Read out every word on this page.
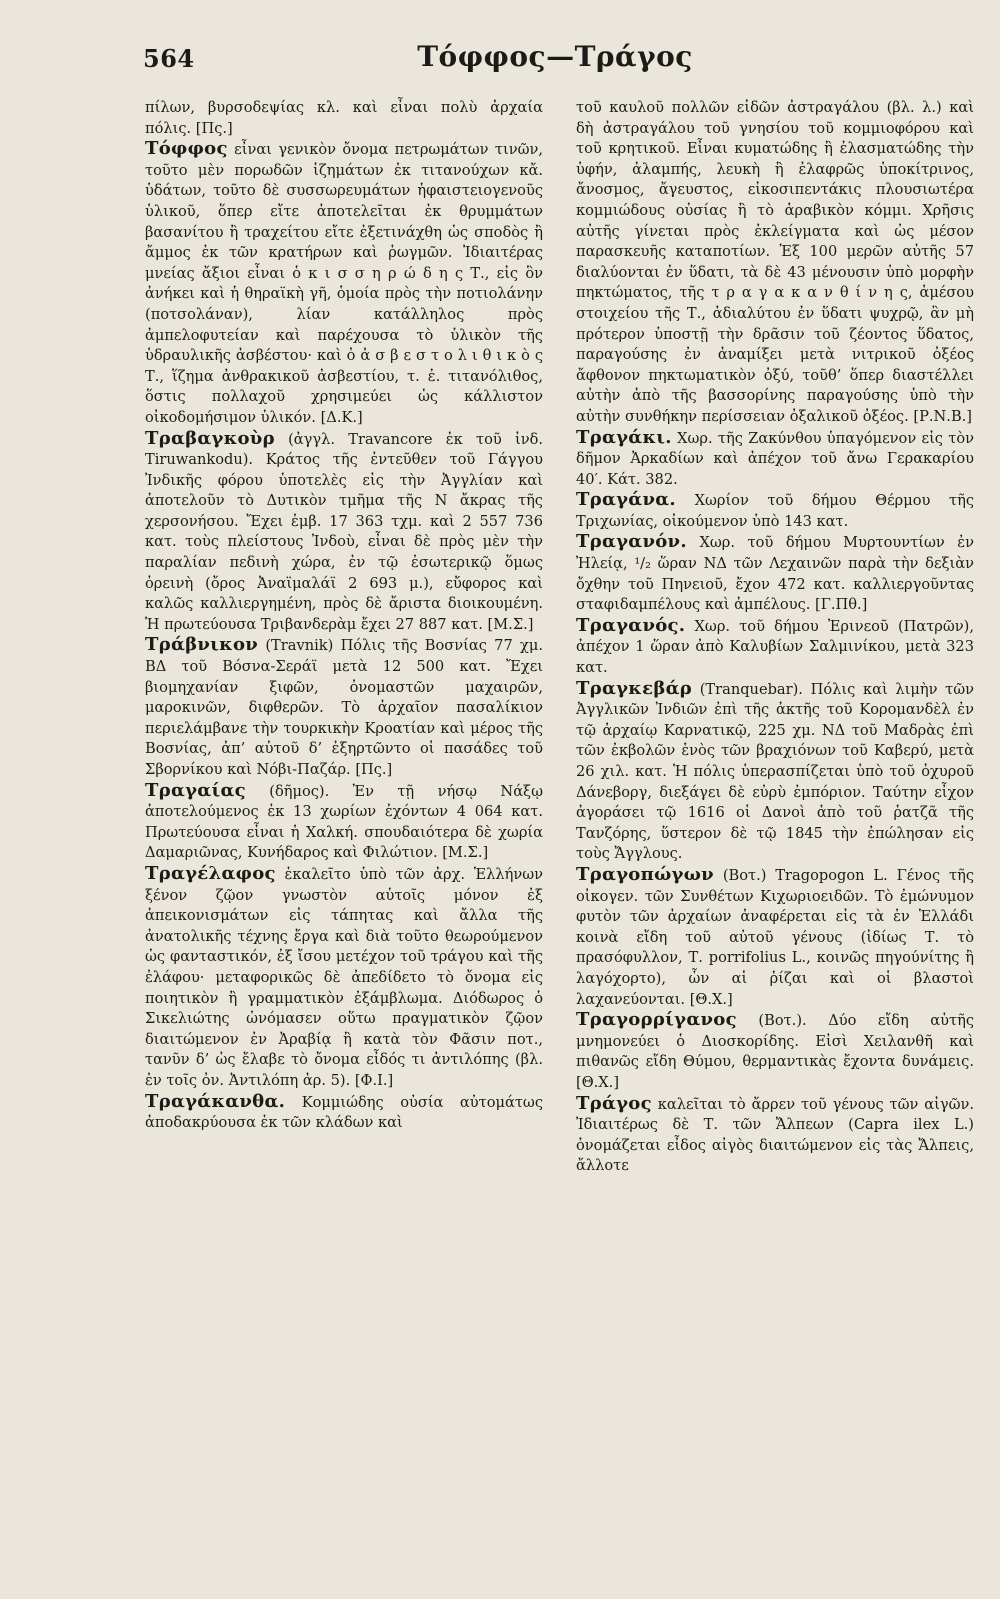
564	Τόφφος—Τράγος

πίλων, βυρσοδεψίας κλ. καὶ εἶναι πολὺ ἀρχαία πόλις. [Πς.]

Τόφφος εἶναι γενικὸν ὄνομα πετρωμάτων τινῶν, τοῦτο μὲν πορωδῶν ἱζημάτων ἐκ τιτανούχων κἄ. ὑδάτων, τοῦτο δὲ συσσωρευμάτων ἡφαιστειογενοῦς ὑλικοῦ, ὅπερ εἴτε ἀποτελεῖται ἐκ θρυμμάτων βασανίτου ἢ τραχείτου εἴτε ἐξετινάχθη ὡς σποδὸς ἢ ἄμμος ἐκ τῶν κρατήρων καὶ ῥωγμῶν. Ἰδιαιτέρας μνείας ἄξιοι εἶναι ὁ κ ι σ σ η ρ ώ δ η ς Τ., εἰς ὃν ἀνήκει καὶ ἡ θηραϊκὴ γῆ, ὁμοία πρὸς τὴν ποτιολάνην (ποτσολάναν), λίαν κατάλληλος πρὸς ἀμπελοφυτείαν καὶ παρέχουσα τὸ ὑλικὸν τῆς ὑδραυλικῆς ἀσβέστου· καὶ ὁ ἀ σ β ε σ τ ο λ ι θ ι κ ὸ ς Τ., ἵζημα ἀνθρακικοῦ ἀσβεστίου, τ. ἐ. τιτανόλιθος, ὅστις πολλαχοῦ χρησιμεύει ὡς κάλλιστον οἰκοδομήσιμον ὑλικόν. [Δ.Κ.]

Τραβαγκοὺρ (ἀγγλ. Travancore ἐκ τοῦ ἰνδ. Tiruwankodu). Κράτος τῆς ἐντεῦθεν τοῦ Γάγγου Ἰνδικῆς φόρου ὑποτελὲς εἰς τὴν Ἀγγλίαν καὶ ἀποτελοῦν τὸ Δυτικὸν τμῆμα τῆς Ν ἄκρας τῆς χερσονήσου. Ἔχει ἐμβ. 17 363 τχμ. καὶ 2 557 736 κατ. τοὺς πλείστους Ἰνδοὺ, εἶναι δὲ πρὸς μὲν τὴν παραλίαν πεδινὴ χώρα, ἐν τῷ ἐσωτερικῷ ὅμως ὀρεινὴ (ὄρος Ἀναϊμαλάϊ 2 693 μ.), εὔφορος καὶ καλῶς καλλιεργημένη, πρὸς δὲ ἄριστα διοικουμένη. Ἡ πρωτεύουσα Τριβανδερὰμ ἔχει 27 887 κατ. [Μ.Σ.]

Τράβνικον (Travnik) Πόλις τῆς Βοσνίας 77 χμ. ΒΔ τοῦ Βόσνα-Σεράϊ μετὰ 12 500 κατ. Ἔχει βιομηχανίαν ξιφῶν, ὀνομαστῶν μαχαιρῶν, μαροκινῶν, διφθερῶν. Τὸ ἀρχαῖον πασαλίκιον περιελάμβανε τὴν τουρκικὴν Κροατίαν καὶ μέρος τῆς Βοσνίας, ἀπ’ αὐτοῦ δ’ ἐξηρτῶντο οἱ πασάδες τοῦ Σβορνίκου καὶ Νόβι-Παζάρ. [Πς.]

Τραγαίας (δῆμος). Ἐν τῇ νήσῳ Νάξῳ ἀποτελούμενος ἐκ 13 χωρίων ἐχόντων 4 064 κατ. Πρωτεύουσα εἶναι ἡ Χαλκή. σπουδαιότερα δὲ χωρία Δαμαριῶνας, Κυνήδαρος καὶ Φιλώτιον. [Μ.Σ.]

Τραγέλαφος ἐκαλεῖτο ὑπὸ τῶν ἀρχ. Ἑλλήνων ξένον ζῷον γνωστὸν αὐτοῖς μόνον ἐξ ἀπεικονισμάτων εἰς τάπητας καὶ ἄλλα τῆς ἀνατολικῆς τέχνης ἔργα καὶ διὰ τοῦτο θεωρούμενον ὡς φανταστικόν, ἐξ ἴσου μετέχον τοῦ τράγου καὶ τῆς ἐλάφου· μεταφορικῶς δὲ ἀπεδίδετο τὸ ὄνομα εἰς ποιητικὸν ἢ γραμματικὸν ἐξάμβλωμα. Διόδωρος ὁ Σικελιώτης ὠνόμασεν οὕτω πραγματικὸν ζῷον διαιτώμενον ἐν Ἀραβίᾳ ἢ κατὰ τὸν Φᾶσιν ποτ., τανῦν δ’ ὡς ἔλαβε τὸ ὄνομα εἶδός τι ἀντιλόπης (βλ. ἐν τοῖς ὀν. Ἀντιλόπη ἀρ. 5). [Φ.Ι.]

Τραγάκανθα. Κομμιώδης οὐσία αὐτομάτως ἀποδακρύουσα ἐκ τῶν κλάδων καὶ

τοῦ καυλοῦ πολλῶν εἰδῶν ἀστραγάλου (βλ. λ.) καὶ δὴ ἀστραγάλου τοῦ γνησίου τοῦ κομμιοφόρου καὶ τοῦ κρητικοῦ. Εἶναι κυματώδης ἢ ἐλασματώδης τὴν ὑφήν, ἀλαμπής, λευκὴ ἢ ἐλαφρῶς ὑποκίτρινος, ἄνοσμος, ἄγευστος, εἰκοσιπεντάκις πλουσιωτέρα κομμιώδους οὐσίας ἢ τὸ ἀραβικὸν κόμμι. Χρῆσις αὐτῆς γίνεται πρὸς ἐκλείγματα καὶ ὡς μέσον παρασκευῆς καταποτίων. Ἐξ 100 μερῶν αὐτῆς 57 διαλύονται ἐν ὕδατι, τὰ δὲ 43 μένουσιν ὑπὸ μορφὴν πηκτώματος, τῆς τ ρ α γ α κ α ν θ ί ν η ς, ἀμέσου στοιχείου τῆς Τ., ἀδιαλύτου ἐν ὕδατι ψυχρῷ, ἂν μὴ πρότερον ὑποστῇ τὴν δρᾶσιν τοῦ ζέοντος ὕδατος, παραγούσης ἐν ἀναμίξει μετὰ νιτρικοῦ ὀξέος ἄφθονον πηκτωματικὸν ὀξύ, τοῦθ’ ὅπερ διαστέλλει αὐτὴν ἀπὸ τῆς βασσορίνης παραγούσης ὑπὸ τὴν αὐτὴν συνθήκην περίσσειαν ὀξαλικοῦ ὀξέος. [Ρ.Ν.Β.]

Τραγάκι. Χωρ. τῆς Ζακύνθου ὑπαγόμενον εἰς τὸν δῆμον Ἀρκαδίων καὶ ἀπέχον τοῦ ἄνω Γερακαρίου 40′. Κάτ. 382.

Τραγάνα. Χωρίον τοῦ δήμου Θέρμου τῆς Τριχωνίας, οἰκούμενον ὑπὸ 143 κατ.

Τραγανόν. Χωρ. τοῦ δήμου Μυρτουντίων ἐν Ἠλείᾳ, ¹/₂ ὥραν ΝΔ τῶν Λεχαινῶν παρὰ τὴν δεξιὰν ὄχθην τοῦ Πηνειοῦ, ἔχον 472 κατ. καλλιεργοῦντας σταφιδαμπέλους καὶ ἀμπέλους. [Γ.Πθ.]

Τραγανός. Χωρ. τοῦ δήμου Ἐρινεοῦ (Πατρῶν), ἀπέχον 1 ὥραν ἀπὸ Καλυβίων Σαλμινίκου, μετὰ 323 κατ.

Τραγκεβάρ (Tranquebar). Πόλις καὶ λιμὴν τῶν Ἀγγλικῶν Ἰνδιῶν ἐπὶ τῆς ἀκτῆς τοῦ Κορομανδὲλ ἐν τῷ ἀρχαίῳ Καρνατικῷ, 225 χμ. ΝΔ τοῦ Μαδρὰς ἐπὶ τῶν ἐκβολῶν ἑνὸς τῶν βραχιόνων τοῦ Καβερύ, μετὰ 26 χιλ. κατ. Ἡ πόλις ὑπερασπίζεται ὑπὸ τοῦ ὀχυροῦ Δάνεβοργ, διεξάγει δὲ εὐρὺ ἐμπόριον. Ταύτην εἶχον ἀγοράσει τῷ 1616 οἱ Δανοὶ ἀπὸ τοῦ ῥατζᾶ τῆς Τανζόρης, ὕστερον δὲ τῷ 1845 τὴν ἐπώλησαν εἰς τοὺς Ἄγγλους.

Τραγοπώγων (Βοτ.) Tragopogon L. Γένος τῆς οἰκογεν. τῶν Συνθέτων Κιχωριοειδῶν. Τὸ ἐμώνυμον φυτὸν τῶν ἀρχαίων ἀναφέρεται εἰς τὰ ἐν Ἑλλάδι κοινὰ εἴδη τοῦ αὐτοῦ γένους (ἰδίως Τ. τὸ πρασόφυλλον, Τ. porrifolius L., κοινῶς πηγούνίτης ἢ λαγόχορτο), ὧν αἱ ῥίζαι καὶ οἱ βλαστοὶ λαχανεύονται. [Θ.Χ.]

Τραγορρίγανος (Βοτ.). Δύο εἴδη αὐτῆς μνημονεύει ὁ Διοσκορίδης. Εἰσὶ Χειλανθῆ καὶ πιθανῶς εἴδη Θύμου, θερμαντικὰς ἔχοντα δυνάμεις. [Θ.Χ.]

Τράγος καλεῖται τὸ ἄρρεν τοῦ γένους τῶν αἰγῶν. Ἰδιαιτέρως δὲ Τ. τῶν Ἄλπεων (Capra ilex L.) ὀνομάζεται εἶδος αἰγὸς διαιτώμενον εἰς τὰς Ἄλπεις, ἄλλοτε
